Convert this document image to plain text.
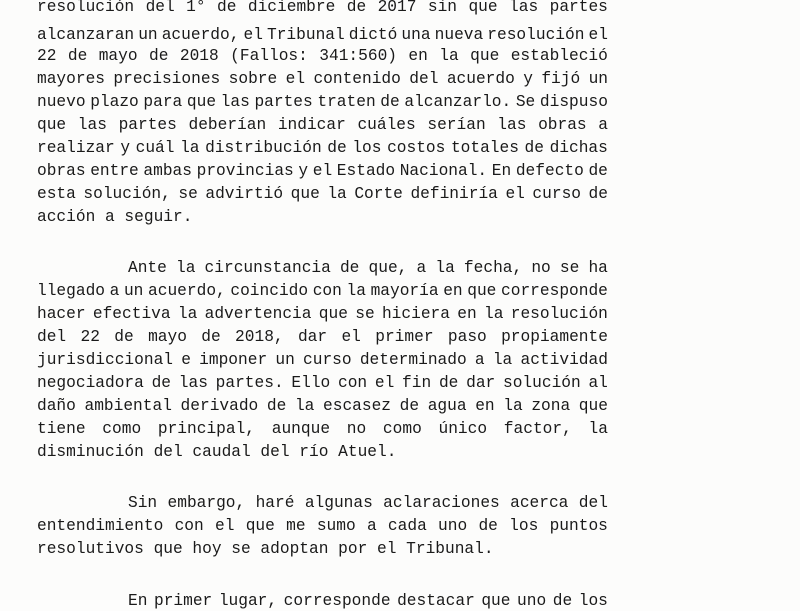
resolución del 1° de diciembre de 2017 sin que las partes
alcanzaran un acuerdo, el Tribunal dictó una nueva resolución el
22 de mayo de 2018 (Fallos: 341:560) en la que estableció
mayores precisiones sobre el contenido del acuerdo y fijó un
nuevo plazo para que las partes traten de alcanzarlo. Se dispuso
que las partes deberían indicar cuáles serían las obras a
realizar y cuál la distribución de los costos totales de dichas
obras entre ambas provincias y el Estado Nacional. En defecto de
esta solución, se advirtió que la Corte definiría el curso de
acción a seguir.
Ante la circunstancia de que, a la fecha, no se ha
llegado a un acuerdo, coincido con la mayoría en que corresponde
hacer efectiva la advertencia que se hiciera en la resolución
del 22 de mayo de 2018, dar el primer paso propiamente
jurisdiccional e imponer un curso determinado a la actividad
negociadora de las partes. Ello con el fin de dar solución al
daño ambiental derivado de la escasez de agua en la zona que
tiene como principal, aunque no como único factor, la
disminución del caudal del río Atuel.
Sin embargo, haré algunas aclaraciones acerca del
entendimiento con el que me sumo a cada uno de los puntos
resolutivos que hoy se adoptan por el Tribunal.
En primer lugar, corresponde destacar que uno de los
